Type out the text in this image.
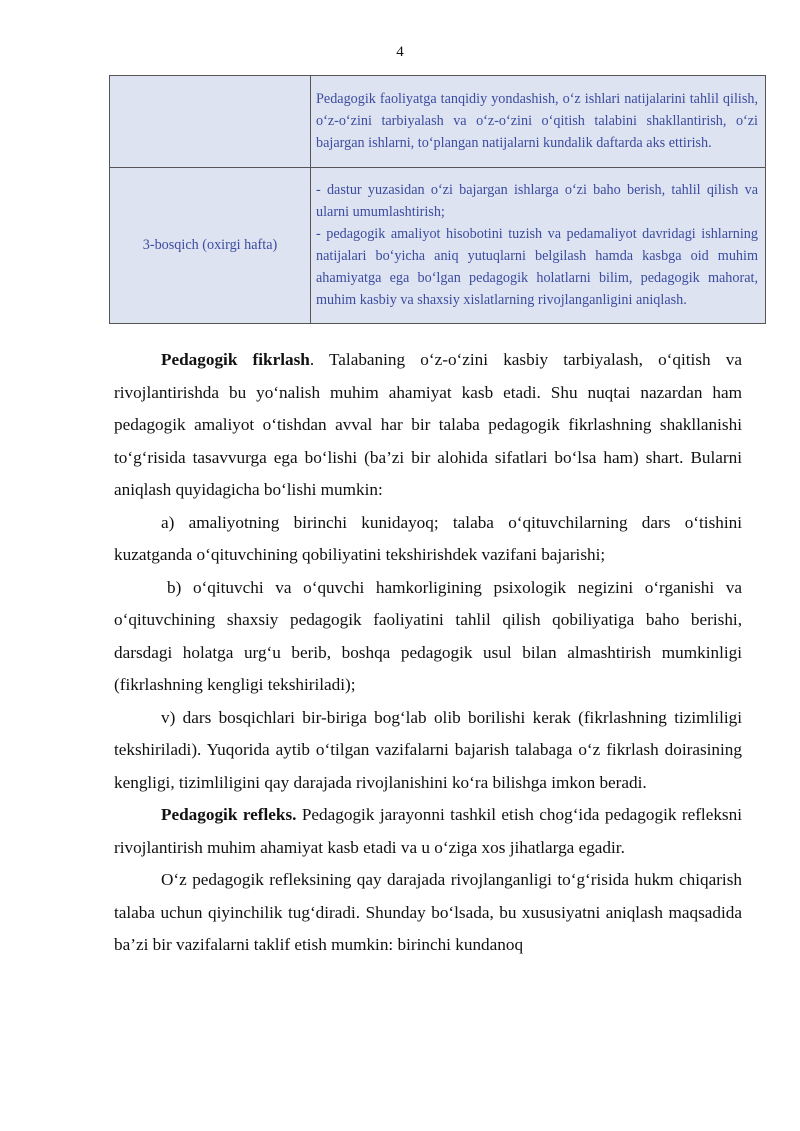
4

	Pedagogik faoliyatga tanqidiy yondashish, o‘z ishlari natijalarini tahlil qilish, o‘z-o‘zini tarbiyalash va o‘z-o‘zini o‘qitish talabini shakllantirish, o‘zi bajargan ishlarni, to‘plangan natijalarni kundalik daftarda aks ettirish.

3-bosqich (oxirgi hafta)	- dastur yuzasidan o‘zi bajargan ishlarga o‘zi baho berish, tahlil qilish va ularni umumlashtirish;

- pedagogik amaliyot hisobotini tuzish va pedamaliyot davridagi ishlarning natijalari bo‘yicha aniq yutuqlarni belgilash hamda kasbga oid muhim ahamiyatga ega bo‘lgan pedagogik holatlarni bilim, pedagogik mahorat, muhim kasbiy va shaxsiy xislatlarning rivojlanganligini aniqlash.

Pedagogik fikrlash. Talabaning o‘z-o‘zini kasbiy tarbiyalash, o‘qitish va rivojlantirishda bu yo‘nalish muhim ahamiyat kasb etadi. Shu nuqtai nazardan ham pedagogik amaliyot o‘tishdan avval har bir talaba pedagogik fikrlashning shakllanishi to‘g‘risida tasavvurga ega bo‘lishi (ba’zi bir alohida sifatlari bo‘lsa ham) shart. Bularni aniqlash quyidagicha bo‘lishi mumkin:

a) amaliyotning birinchi kunidayoq; talaba o‘qituvchilarning dars o‘tishini kuzatganda o‘qituvchining qobiliyatini tekshirishdek vazifani bajarishi;

b) o‘qituvchi va o‘quvchi hamkorligining psixologik negizini o‘rganishi va o‘qituvchining shaxsiy pedagogik faoliyatini tahlil qilish qobiliyatiga baho berishi, darsdagi holatga urg‘u berib, boshqa pedagogik usul bilan almashtirish mumkinligi (fikrlashning kengligi tekshiriladi);

v) dars bosqichlari bir-biriga bog‘lab olib borilishi kerak (fikrlashning tizimliligi tekshiriladi). Yuqorida aytib o‘tilgan vazifalarni bajarish talabaga o‘z fikrlash doirasining kengligi, tizimliligini qay darajada rivojlanishini ko‘ra bilishga imkon beradi.

Pedagogik refleks. Pedagogik jarayonni tashkil etish chog‘ida pedagogik refleksni rivojlantirish muhim ahamiyat kasb etadi va u o‘ziga xos jihatlarga egadir.

O‘z pedagogik refleksining qay darajada rivojlanganligi to‘g‘risida hukm chiqarish talaba uchun qiyinchilik tug‘diradi. Shunday bo‘lsada, bu xususiyatni aniqlash maqsadida ba’zi bir vazifalarni taklif etish mumkin: birinchi kundanoq
